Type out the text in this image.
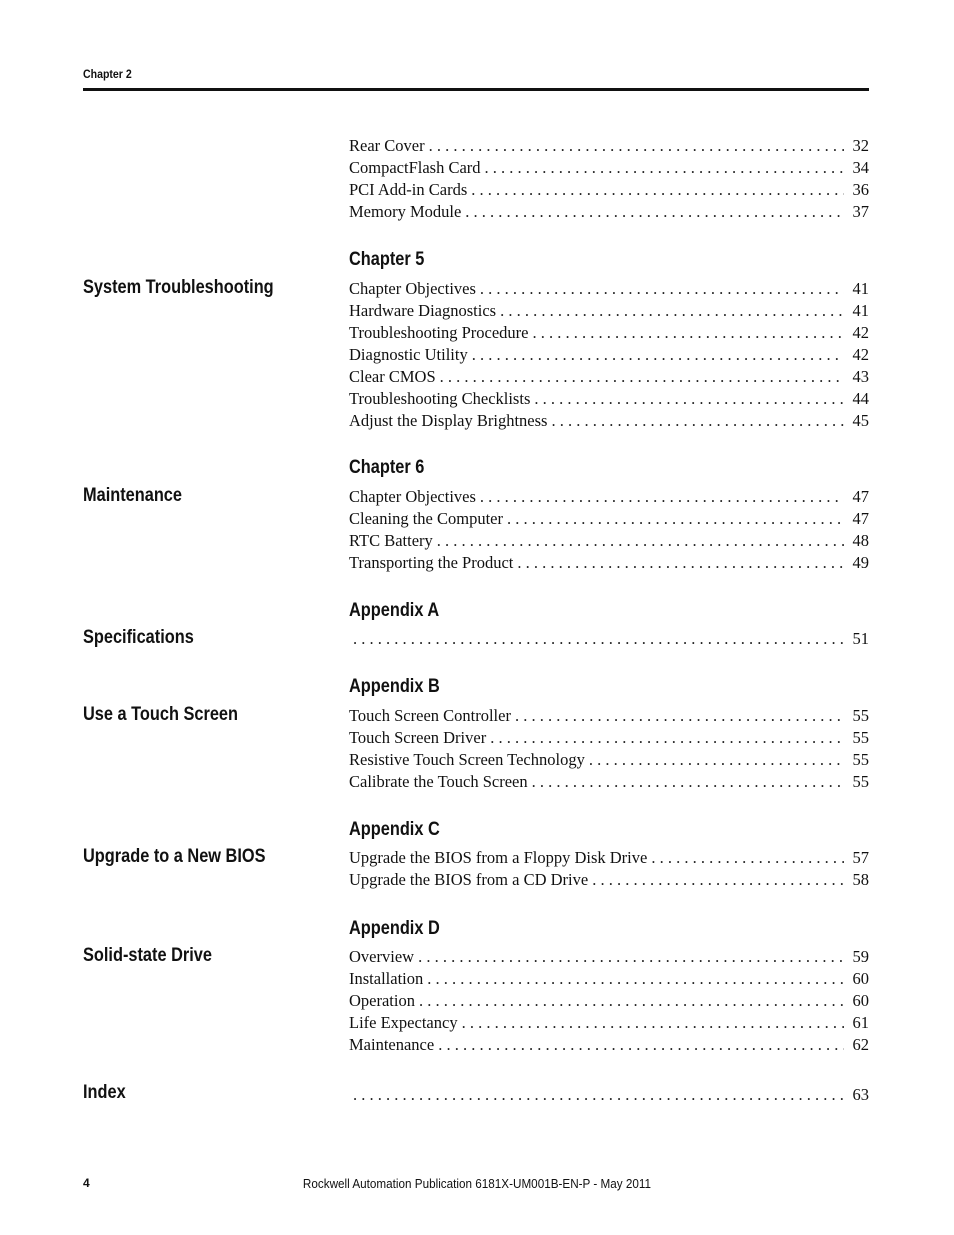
Chapter 2
Rear Cover . . .	32
CompactFlash Card . . .	34
PCI Add-in Cards . . .	36
Memory Module . . .	37
Chapter 5
System Troubleshooting	Chapter Objectives . . .	41
Hardware Diagnostics . . .	41
Troubleshooting Procedure . . .	42
Diagnostic Utility . . .	42
Clear CMOS . . .	43
Troubleshooting Checklists . . .	44
Adjust the Display Brightness . . .	45
Chapter 6
Maintenance	Chapter Objectives . . .	47
Cleaning the Computer . . .	47
RTC Battery . . .	48
Transporting the Product . . .	49
Appendix A
Specifications . . .	51
Appendix B
Use a Touch Screen	Touch Screen Controller . . .	55
Touch Screen Driver . . .	55
Resistive Touch Screen Technology . . .	55
Calibrate the Touch Screen . . .	55
Appendix C
Upgrade to a New BIOS	Upgrade the BIOS from a Floppy Disk Drive . . .	57
Upgrade the BIOS from a CD Drive . . .	58
Appendix D
Solid-state Drive	Overview . . .	59
Installation . . .	60
Operation . . .	60
Life Expectancy . . .	61
Maintenance . . .	62
Index . . .	63
4	Rockwell Automation Publication 6181X-UM001B-EN-P - May 2011
